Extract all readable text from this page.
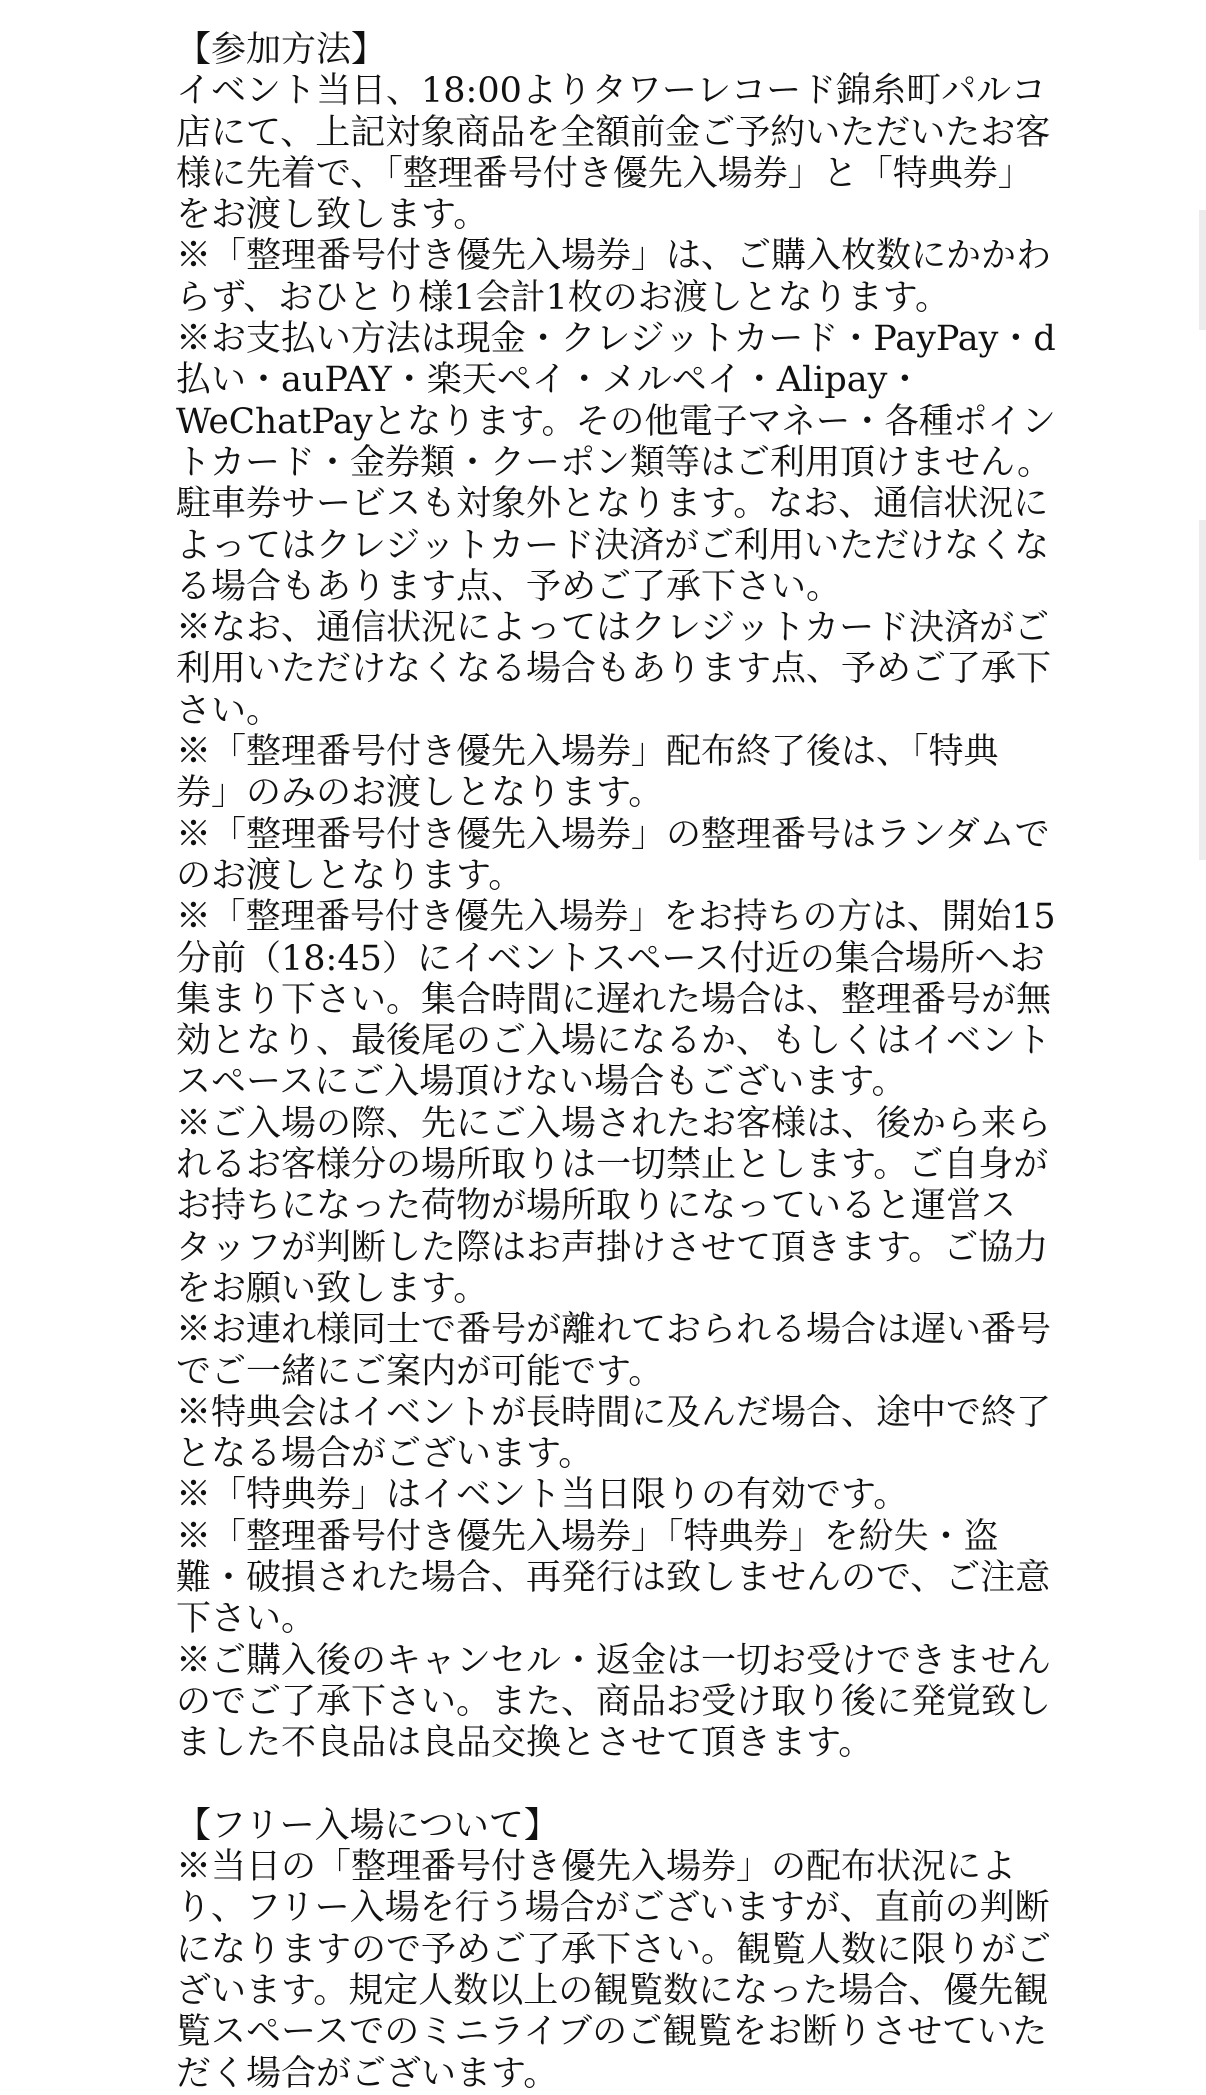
【参加方法】
イベント当日、18:00よりタワーレコード錦糸町パルコ
店にて、上記対象商品を全額前金ご予約いただいたお客
様に先着で、「整理番号付き優先入場券」と「特典券」
をお渡し致します。
※「整理番号付き優先入場券」は、ご購入枚数にかかわ
らず、おひとり様1会計1枚のお渡しとなります。
※お支払い方法は現金・クレジットカード・PayPay・d
払い・auPAY・楽天ペイ・メルペイ・Alipay・
WeChatPayとなります。その他電子マネー・各種ポイン
トカード・金券類・クーポン類等はご利用頂けません。
駐車券サービスも対象外となります。なお、通信状況に
よってはクレジットカード決済がご利用いただけなくな
る場合もあります点、予めご了承下さい。
※なお、通信状況によってはクレジットカード決済がご
利用いただけなくなる場合もあります点、予めご了承下
さい。
※「整理番号付き優先入場券」配布終了後は、「特典
券」のみのお渡しとなります。
※「整理番号付き優先入場券」の整理番号はランダムで
のお渡しとなります。
※「整理番号付き優先入場券」をお持ちの方は、開始15
分前（18:45）にイベントスペース付近の集合場所へお
集まり下さい。集合時間に遅れた場合は、整理番号が無
効となり、最後尾のご入場になるか、もしくはイベント
スペースにご入場頂けない場合もございます。
※ご入場の際、先にご入場されたお客様は、後から来ら
れるお客様分の場所取りは一切禁止とします。ご自身が
お持ちになった荷物が場所取りになっていると運営ス
タッフが判断した際はお声掛けさせて頂きます。ご協力
をお願い致します。
※お連れ様同士で番号が離れておられる場合は遅い番号
でご一緒にご案内が可能です。
※特典会はイベントが長時間に及んだ場合、途中で終了
となる場合がございます。
※「特典券」はイベント当日限りの有効です。
※「整理番号付き優先入場券」「特典券」を紛失・盗
難・破損された場合、再発行は致しませんので、ご注意
下さい。
※ご購入後のキャンセル・返金は一切お受けできません
のでご了承下さい。また、商品お受け取り後に発覚致し
ました不良品は良品交換とさせて頂きます。
【フリー入場について】
※当日の「整理番号付き優先入場券」の配布状況によ
り、フリー入場を行う場合がございますが、直前の判断
になりますので予めご了承下さい。観覧人数に限りがご
ざいます。規定人数以上の観覧数になった場合、優先観
覧スペースでのミニライブのご観覧をお断りさせていた
だく場合がございます。
